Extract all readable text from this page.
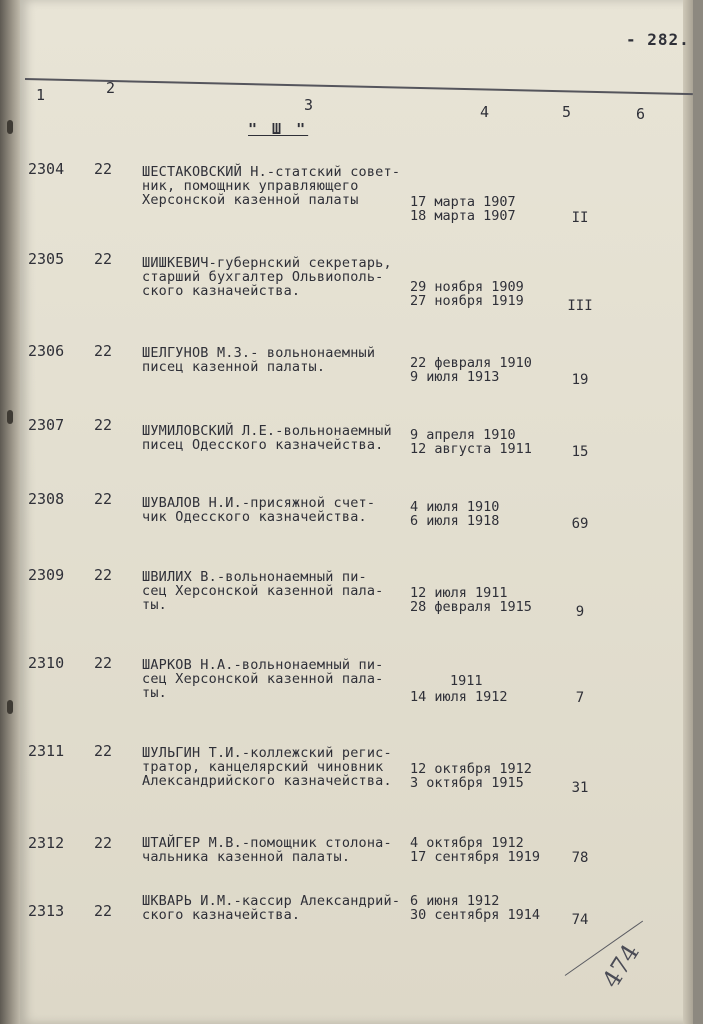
- 282.
1	2
3	4	5	6
" Ш "
2304 22 ШЕСТАКОВСКИЙ Н.-статский совет-
ник, помощник управляющего
Херсонской казенной палаты	17 марта 1907
18 марта 1907	II
2305 22 ШИШКЕВИЧ-губернский секретарь,
старший бухгалтер Ольвиополь-
ского казначейства.	29 ноября 1909
27 ноября 1919	III
2306 22 ШЕЛГУНОВ М.З.- вольнонаемный
писец казенной палаты.	22 февраля 1910
9 июля 1913	19
2307 22 ШУМИЛОВСКИЙ Л.Е.-вольнонаемный
писец Одесского казначейства.
9 апреля 1910
12 августа 1911	15
2308 22 ШУВАЛОВ Н.И.-присяжной счет-
чик Одесского казначейства.
4 июля 1910
6 июля 1918	69
2309 22 ШВИЛИХ В.-вольнонаемный пи-
сец Херсонской казенной пала-
ты.
12 июля 1911
28 февраля 1915	9
2310 22 ШАРКОВ Н.А.-вольнонаемный пи-
сец Херсонской казенной пала-
ты.
1911
14 июля 1912	7
2311 22 ШУЛЬГИН Т.И.-коллежский регис-
тратор, канцелярский чиновник
Александрийского казначейства.
12 октября 1912
3 октября 1915	31
2312 22 ШТАЙГЕР М.В.-помощник столона-
чальника казенной палаты.
4 октября 1912
17 сентября 1919	78
2313 22
ШКВАРЬ И.М.-кассир Александрий-
ского казначейства.
6 июня 1912
30 сентября 1914	74
474
